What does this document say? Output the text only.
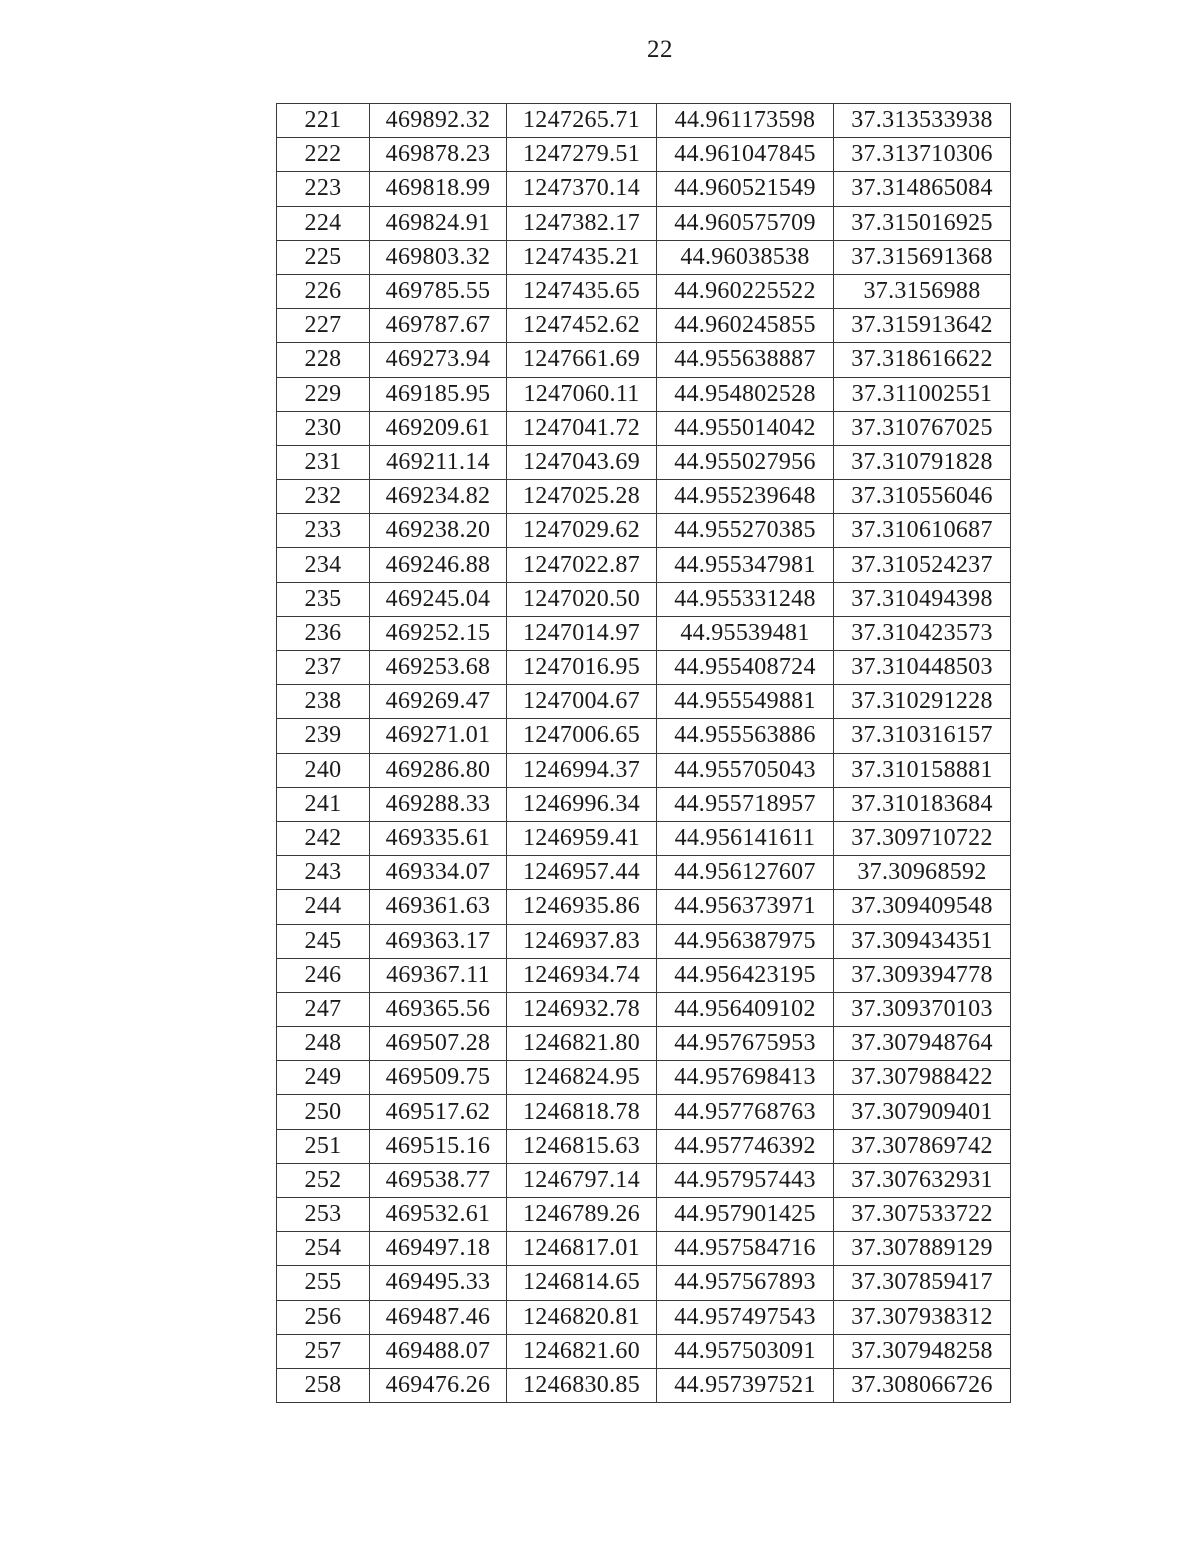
22
221	469892.32	1247265.71	44.961173598	37.313533938
222	469878.23	1247279.51	44.961047845	37.313710306
223	469818.99	1247370.14	44.960521549	37.314865084
224	469824.91	1247382.17	44.960575709	37.315016925
225	469803.32	1247435.21	44.96038538	37.315691368
226	469785.55	1247435.65	44.960225522	37.3156988
227	469787.67	1247452.62	44.960245855	37.315913642
228	469273.94	1247661.69	44.955638887	37.318616622
229	469185.95	1247060.11	44.954802528	37.311002551
230	469209.61	1247041.72	44.955014042	37.310767025
231	469211.14	1247043.69	44.955027956	37.310791828
232	469234.82	1247025.28	44.955239648	37.310556046
233	469238.20	1247029.62	44.955270385	37.310610687
234	469246.88	1247022.87	44.955347981	37.310524237
235	469245.04	1247020.50	44.955331248	37.310494398
236	469252.15	1247014.97	44.95539481	37.310423573
237	469253.68	1247016.95	44.955408724	37.310448503
238	469269.47	1247004.67	44.955549881	37.310291228
239	469271.01	1247006.65	44.955563886	37.310316157
240	469286.80	1246994.37	44.955705043	37.310158881
241	469288.33	1246996.34	44.955718957	37.310183684
242	469335.61	1246959.41	44.956141611	37.309710722
243	469334.07	1246957.44	44.956127607	37.30968592
244	469361.63	1246935.86	44.956373971	37.309409548
245	469363.17	1246937.83	44.956387975	37.309434351
246	469367.11	1246934.74	44.956423195	37.309394778
247	469365.56	1246932.78	44.956409102	37.309370103
248	469507.28	1246821.80	44.957675953	37.307948764
249	469509.75	1246824.95	44.957698413	37.307988422
250	469517.62	1246818.78	44.957768763	37.307909401
251	469515.16	1246815.63	44.957746392	37.307869742
252	469538.77	1246797.14	44.957957443	37.307632931
253	469532.61	1246789.26	44.957901425	37.307533722
254	469497.18	1246817.01	44.957584716	37.307889129
255	469495.33	1246814.65	44.957567893	37.307859417
256	469487.46	1246820.81	44.957497543	37.307938312
257	469488.07	1246821.60	44.957503091	37.307948258
258	469476.26	1246830.85	44.957397521	37.308066726
